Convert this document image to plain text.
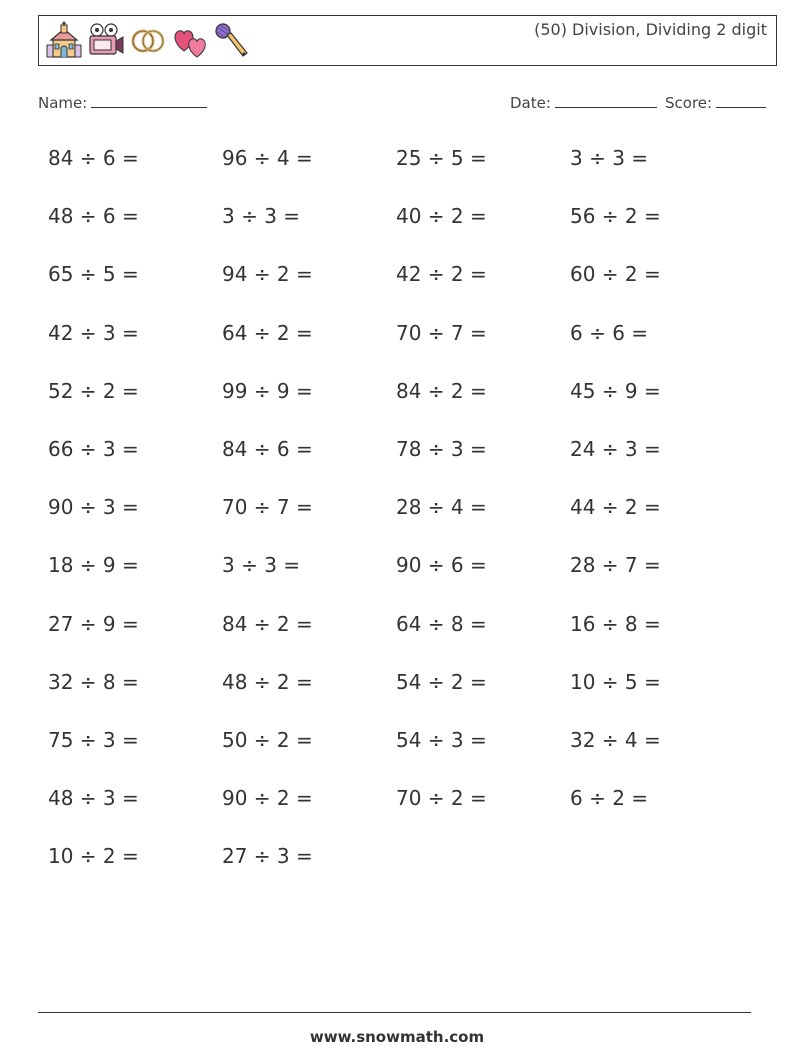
(50) Division, Dividing 2 digit
Name:	Date:	Score:
84 ÷ 6 =	96 ÷ 4 =	25 ÷ 5 =	3 ÷ 3 =
48 ÷ 6 =	3 ÷ 3 =	40 ÷ 2 =	56 ÷ 2 =
65 ÷ 5 =	94 ÷ 2 =	42 ÷ 2 =	60 ÷ 2 =
42 ÷ 3 =	64 ÷ 2 =	70 ÷ 7 =	6 ÷ 6 =
52 ÷ 2 =	99 ÷ 9 =	84 ÷ 2 =	45 ÷ 9 =
66 ÷ 3 =	84 ÷ 6 =	78 ÷ 3 =	24 ÷ 3 =
90 ÷ 3 =	70 ÷ 7 =	28 ÷ 4 =	44 ÷ 2 =
18 ÷ 9 =	3 ÷ 3 =	90 ÷ 6 =	28 ÷ 7 =
27 ÷ 9 =	84 ÷ 2 =	64 ÷ 8 =	16 ÷ 8 =
32 ÷ 8 =	48 ÷ 2 =	54 ÷ 2 =	10 ÷ 5 =
75 ÷ 3 =	50 ÷ 2 =	54 ÷ 3 =	32 ÷ 4 =
48 ÷ 3 =	90 ÷ 2 =	70 ÷ 2 =	6 ÷ 2 =
10 ÷ 2 =	27 ÷ 3 =
www.snowmath.com
